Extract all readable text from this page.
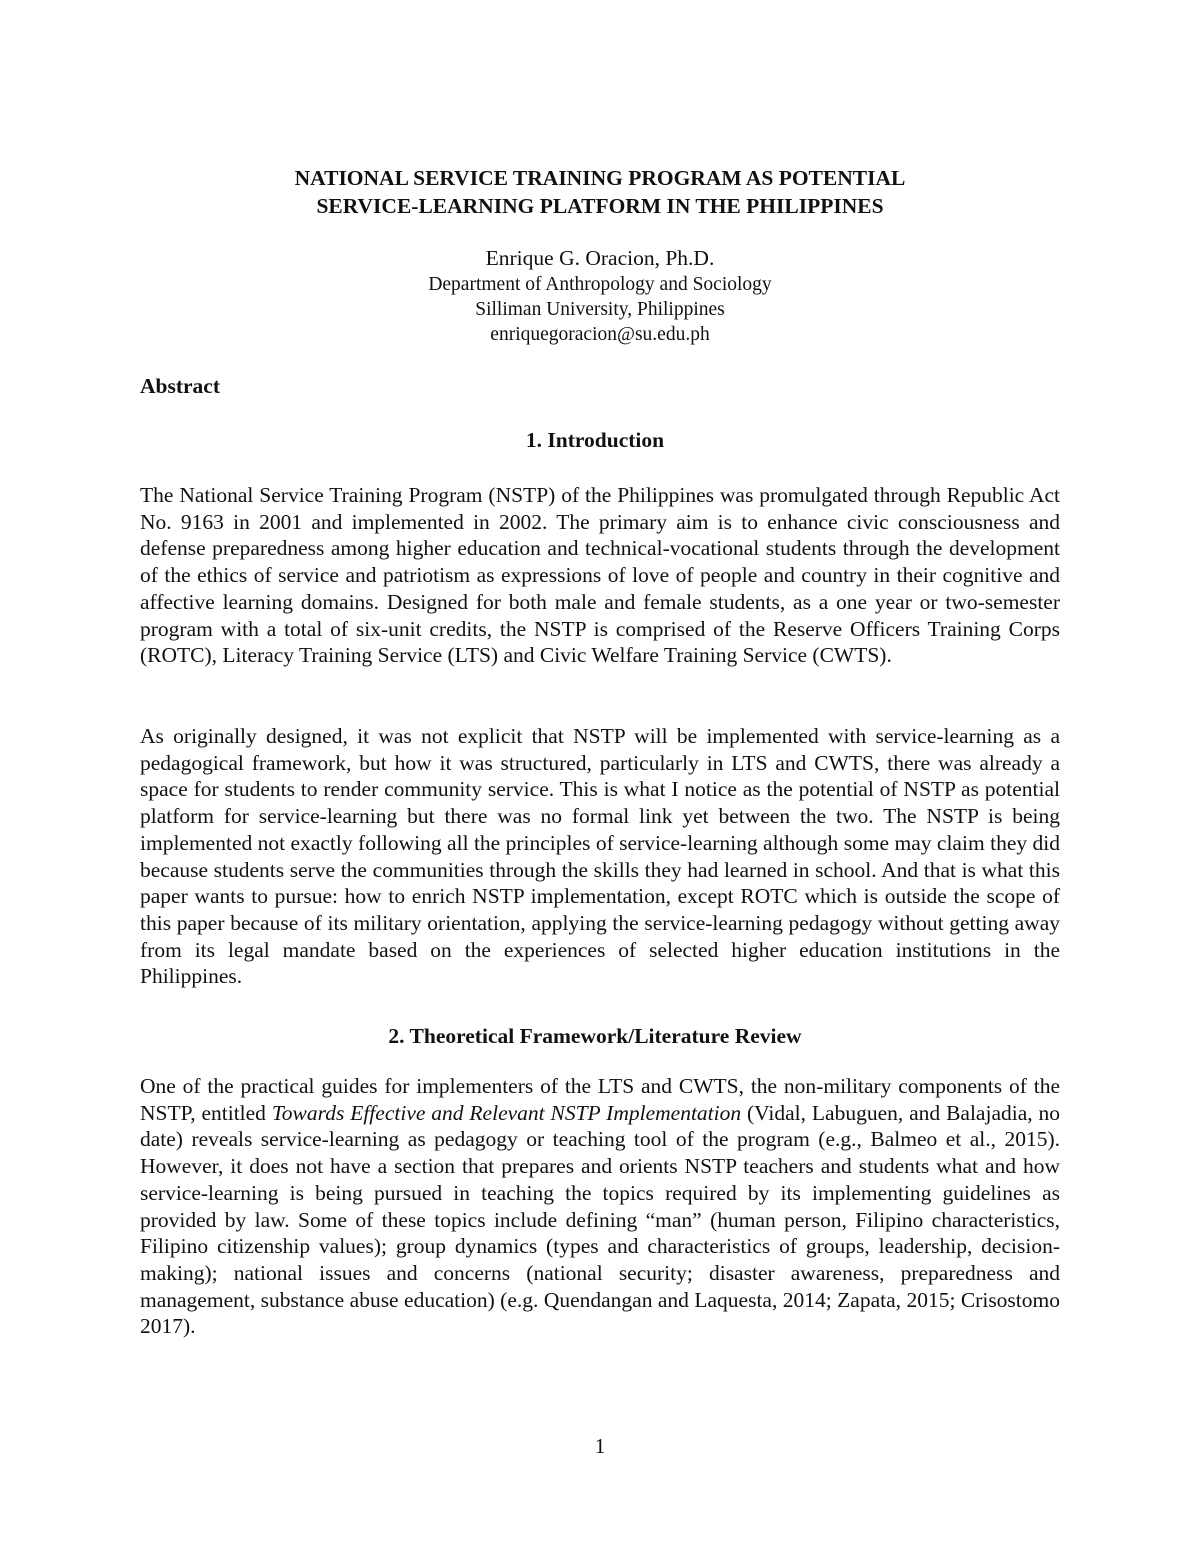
NATIONAL SERVICE TRAINING PROGRAM AS POTENTIAL
SERVICE-LEARNING PLATFORM IN THE PHILIPPINES
Enrique G. Oracion, Ph.D.
Department of Anthropology and Sociology
Silliman University, Philippines
enriquegoracion@su.edu.ph
Abstract
1. Introduction
The National Service Training Program (NSTP) of the Philippines was promulgated through Republic Act No. 9163 in 2001 and implemented in 2002. The primary aim is to enhance civic consciousness and defense preparedness among higher education and technical-vocational students through the development of the ethics of service and patriotism as expressions of love of people and country in their cognitive and affective learning domains. Designed for both male and female students, as a one year or two-semester program with a total of six-unit credits, the NSTP is comprised of the Reserve Officers Training Corps (ROTC), Literacy Training Service (LTS) and Civic Welfare Training Service (CWTS).
As originally designed, it was not explicit that NSTP will be implemented with service-learning as a pedagogical framework, but how it was structured, particularly in LTS and CWTS, there was already a space for students to render community service. This is what I notice as the potential of NSTP as potential platform for service-learning but there was no formal link yet between the two. The NSTP is being implemented not exactly following all the principles of service-learning although some may claim they did because students serve the communities through the skills they had learned in school. And that is what this paper wants to pursue: how to enrich NSTP implementation, except ROTC which is outside the scope of this paper because of its military orientation, applying the service-learning pedagogy without getting away from its legal mandate based on the experiences of selected higher education institutions in the Philippines.
2. Theoretical Framework/Literature Review
One of the practical guides for implementers of the LTS and CWTS, the non-military components of the NSTP, entitled Towards Effective and Relevant NSTP Implementation (Vidal, Labuguen, and Balajadia, no date) reveals service-learning as pedagogy or teaching tool of the program (e.g., Balmeo et al., 2015). However, it does not have a section that prepares and orients NSTP teachers and students what and how service-learning is being pursued in teaching the topics required by its implementing guidelines as provided by law. Some of these topics include defining “man” (human person, Filipino characteristics, Filipino citizenship values); group dynamics (types and characteristics of groups, leadership, decision-making); national issues and concerns (national security; disaster awareness, preparedness and management, substance abuse education) (e.g. Quendangan and Laquesta, 2014; Zapata, 2015; Crisostomo 2017).
1
